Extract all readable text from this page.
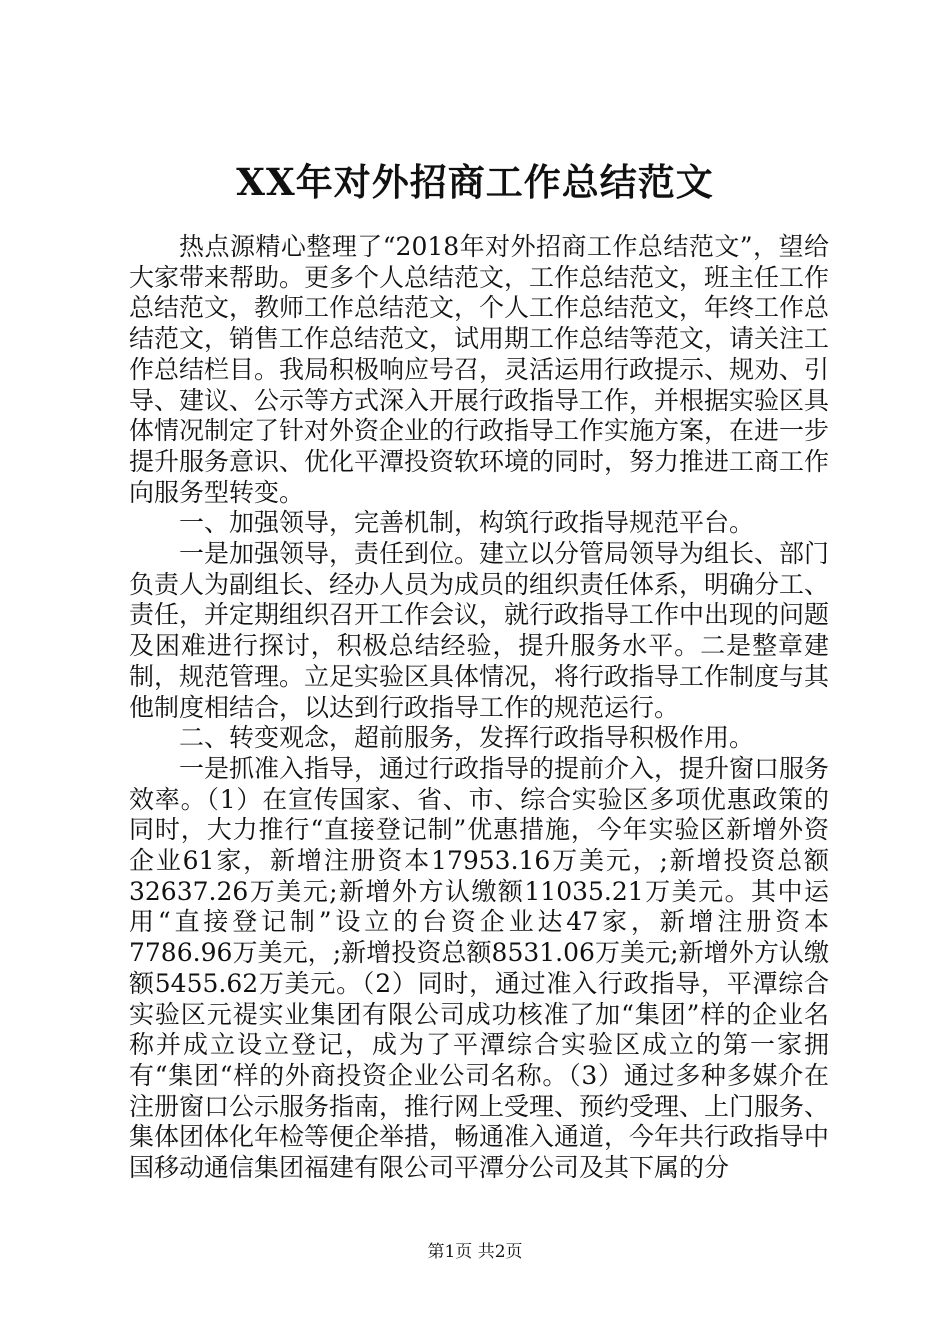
XX年对外招商工作总结范文

热点源精心整理了“2018年对外招商工作总结范文”，望给大家带来帮助。更多个人总结范文，工作总结范文，班主任工作总结范文，教师工作总结范文，个人工作总结范文，年终工作总结范文，销售工作总结范文，试用期工作总结等范文，请关注工作总结栏目。我局积极响应号召，灵活运用行政提示、规劝、引导、建议、公示等方式深入开展行政指导工作，并根据实验区具体情况制定了针对外资企业的行政指导工作实施方案，在进一步提升服务意识、优化平潭投资软环境的同时，努力推进工商工作向服务型转变。

一、加强领导，完善机制，构筑行政指导规范平台。

一是加强领导，责任到位。建立以分管局领导为组长、部门负责人为副组长、经办人员为成员的组织责任体系，明确分工、责任，并定期组织召开工作会议，就行政指导工作中出现的问题及困难进行探讨，积极总结经验，提升服务水平。二是整章建制，规范管理。立足实验区具体情况，将行政指导工作制度与其他制度相结合，以达到行政指导工作的规范运行。

二、转变观念，超前服务，发挥行政指导积极作用。

一是抓准入指导，通过行政指导的提前介入，提升窗口服务效率。（1）在宣传国家、省、市、综合实验区多项优惠政策的同时，大力推行“直接登记制”优惠措施，今年实验区新增外资企业61家，新增注册资本17953.16万美元，;新增投资总额32637.26万美元;新增外方认缴额11035.21万美元。其中运用“直接登记制”设立的台资企业达47家，新增注册资本7786.96万美元，;新增投资总额8531.06万美元;新增外方认缴额5455.62万美元。（2）同时，通过准入行政指导，平潭综合实验区元禔实业集团有限公司成功核准了加“集团”样的企业名称并成立设立登记，成为了平潭综合实验区成立的第一家拥有“集团“样的外商投资企业公司名称。（3）通过多种多媒介在注册窗口公示服务指南，推行网上受理、预约受理、上门服务、集体团体化年检等便企举措，畅通准入通道，今年共行政指导中国移动通信集团福建有限公司平潭分公司及其下属的分

第1页 共2页
